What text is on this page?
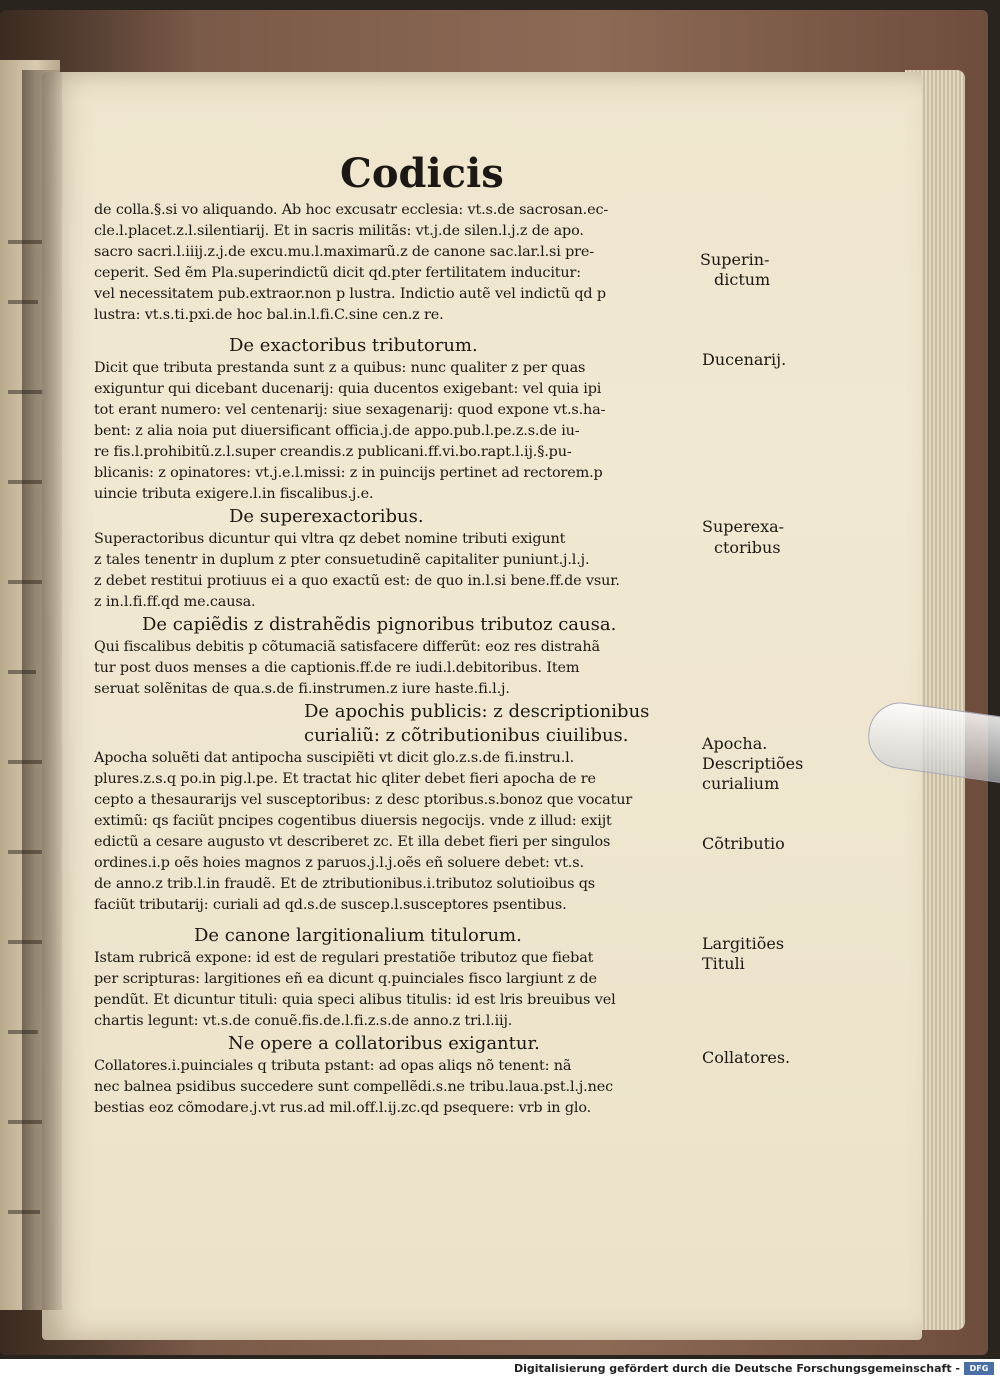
Codicis
de colla.§.si vo aliquando. Ab hoc excusatr ecclesia: vt.s.de sacrosan.ec-
cle.l.placet.z.l.silentiarij. Et in sacris militãs: vt.j.de silen.l.j.z de apo.
sacro sacri.l.iiij.z.j.de excu.mu.l.maximarũ.z de canone sac.lar.l.si pre-
ceperit. Sed ẽm Pla.superindictũ dicit qd.pter fertilitatem inducitur:
vel necessitatem pub.extraor.non p lustra. Indictio autẽ vel indictũ qd p
lustra: vt.s.ti.pxi.de hoc bal.in.l.fi.C.sine cen.z re.
De exactoribus tributorum.
Dicit que tributa prestanda sunt z a quibus: nunc qualiter z per quas
exiguntur qui dicebant ducenarij: quia ducentos exigebant: vel quia ipi
tot erant numero: vel centenarij: siue sexagenarij: quod expone vt.s.ha-
bent: z alia noia put diuersificant officia.j.de appo.pub.l.pe.z.s.de iu-
re fis.l.prohibitũ.z.l.super creandis.z publicani.ff.vi.bo.rapt.l.ij.§.pu-
blicanis: z opinatores: vt.j.e.l.missi: z in puincijs pertinet ad rectorem.p
uincie tributa exigere.l.in fiscalibus.j.e.
De superexactoribus.
Superactoribus dicuntur qui vltra qz debet nomine tributi exigunt
z tales tenentr in duplum z pter consuetudinẽ capitaliter puniunt.j.l.j.
z debet restitui protiuus ei a quo exactũ est: de quo in.l.si bene.ff.de vsur.
z in.l.fi.ff.qd me.causa.
De capiẽdis z distrahẽdis pignoribus tributoz causa.
Qui fiscalibus debitis p cõtumaciã satisfacere differũt: eoz res distrahã
tur post duos menses a die captionis.ff.de re iudi.l.debitoribus. Item
seruat solẽnitas de qua.s.de fi.instrumen.z iure haste.fi.l.j.
De apochis publicis: z descriptionibus
curialiũ: z cõtributionibus ciuilibus.
Apocha soluẽti dat antipocha suscipiẽti vt dicit glo.z.s.de fi.instru.l.
plures.z.s.q po.in pig.l.pe. Et tractat hic qliter debet fieri apocha de re
cepto a thesaurarijs vel susceptoribus: z desc ptoribus.s.bonoz que vocatur
extimũ: qs faciũt pncipes cogentibus diuersis negocijs. vnde z illud: exijt
edictũ a cesare augusto vt describeret zc. Et illa debet fieri per singulos
ordines.i.p oẽs hoies magnos z paruos.j.l.j.oẽs eñ soluere debet: vt.s.
de anno.z trib.l.in fraudẽ. Et de ztributionibus.i.tributoz solutioibus qs
faciũt tributarij: curiali ad qd.s.de suscep.l.susceptores psentibus.
De canone largitionalium titulorum.
Istam rubricã expone: id est de regulari prestatiõe tributoz que fiebat
per scripturas: largitiones eñ ea dicunt q.puinciales fisco largiunt z de
pendũt. Et dicuntur tituli: quia speci alibus titulis: id est lris breuibus vel
chartis legunt: vt.s.de conuẽ.fis.de.l.fi.z.s.de anno.z tri.l.iij.
Ne opere a collatoribus exigantur.
Collatores.i.puinciales q tributa pstant: ad opas aliqs nõ tenent: nã
nec balnea psidibus succedere sunt compellẽdi.s.ne tribu.laua.pst.l.j.nec
bestias eoz cõmodare.j.vt rus.ad mil.off.l.ij.zc.qd psequere: vrb in glo.
Superin-
dictum
Ducenarij.
Superexa-
ctoribus
Apocha.
Descriptiões
curialium
Cõtributio
Largitiões
Tituli
Collatores.
Digitalisierung gefördert durch die Deutsche Forschungsgemeinschaft -	DFG
